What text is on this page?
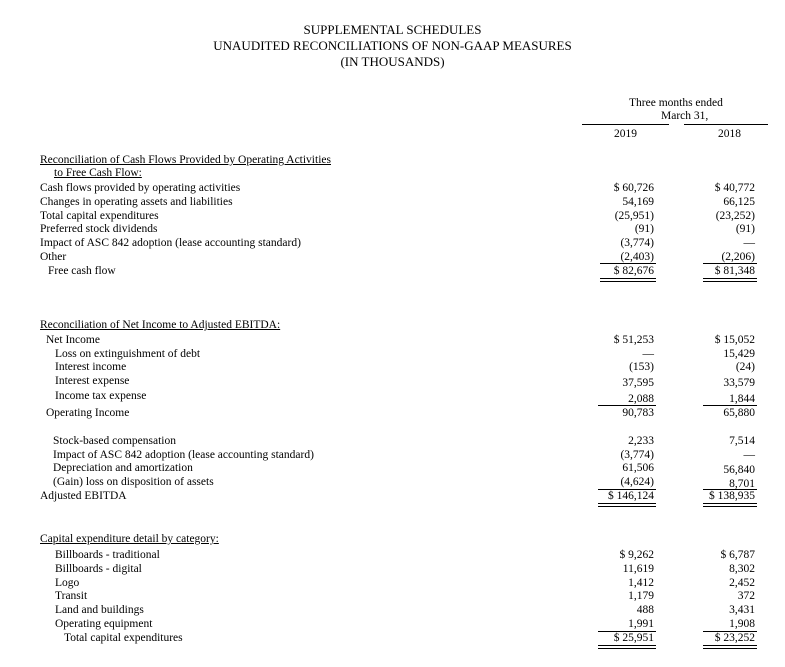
SUPPLEMENTAL SCHEDULES
UNAUDITED RECONCILIATIONS OF NON-GAAP MEASURES
(IN THOUSANDS)
Three months ended
March 31,
2019	2018
Reconciliation of Cash Flows Provided by Operating Activities
to Free Cash Flow:
Cash flows provided by operating activities	$ 60,726	$ 40,772
Changes in operating assets and liabilities	54,169	66,125
Total capital expenditures	(25,951)	(23,252)
Preferred stock dividends	(91)	(91)
Impact of ASC 842 adoption (lease accounting standard)	(3,774)	—
Other	(2,403)	(2,206)
Free cash flow	$ 82,676	$ 81,348
Reconciliation of Net Income to Adjusted EBITDA:
Net Income	$ 51,253	$ 15,052
Loss on extinguishment of debt	—	15,429
Interest income	(153)	(24)
Interest expense	37,595	33,579
Income tax expense	2,088	1,844
Operating Income	90,783	65,880
Stock-based compensation	2,233	7,514
Impact of ASC 842 adoption (lease accounting standard)	(3,774)	—
Depreciation and amortization	61,506	56,840
(Gain) loss on disposition of assets	(4,624)	8,701
Adjusted EBITDA	$ 146,124	$ 138,935
Capital expenditure detail by category:
Billboards - traditional	$ 9,262	$ 6,787
Billboards - digital	11,619	8,302
Logo	1,412	2,452
Transit	1,179	372
Land and buildings	488	3,431
Operating equipment	1,991	1,908
Total capital expenditures	$ 25,951	$ 23,252
